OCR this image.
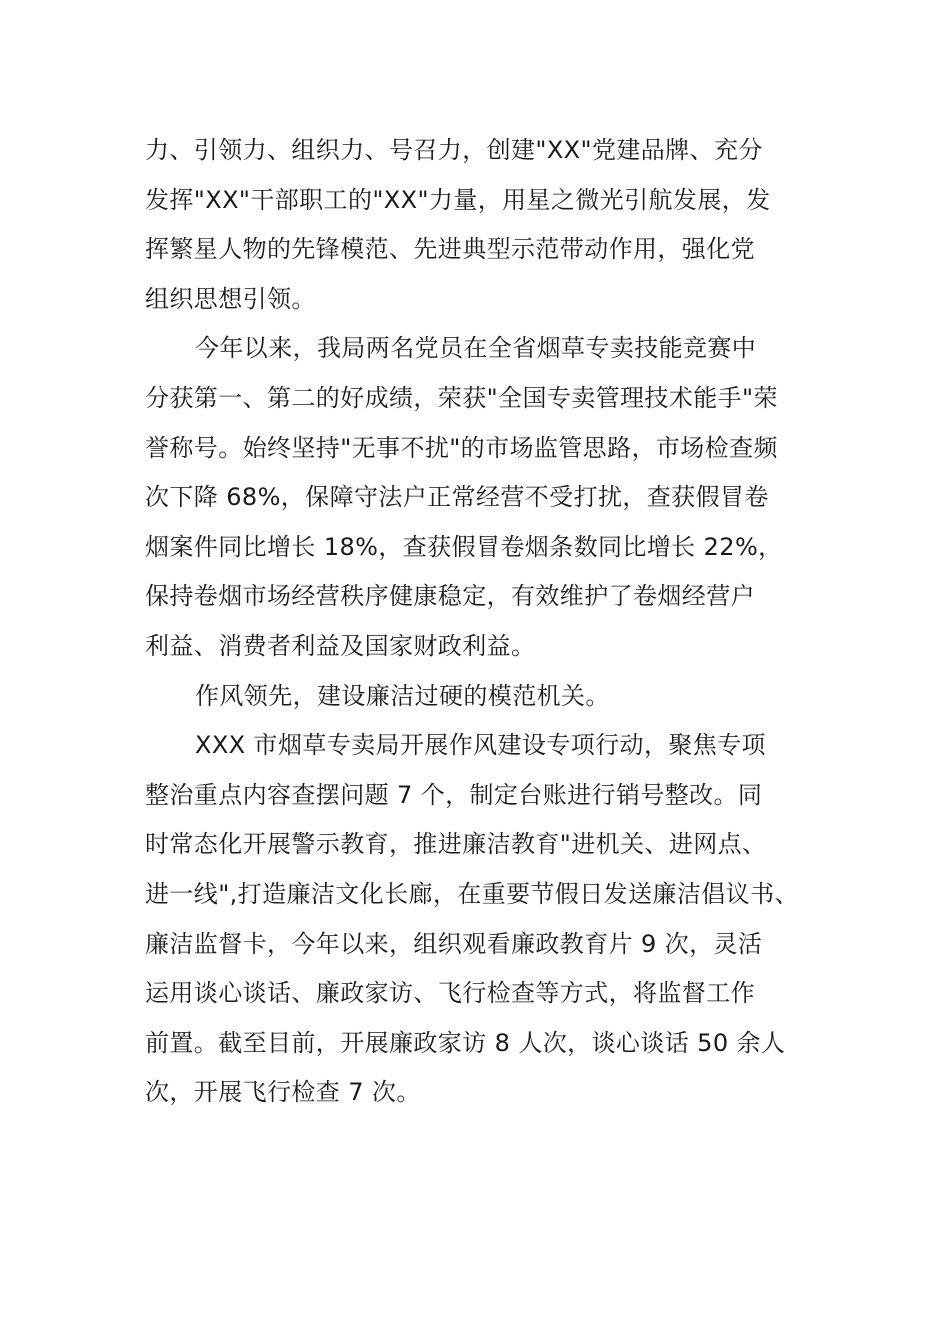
力、引领力、组织力、号召力，创建"XX"党建品牌、充分
发挥"XX"干部职工的"XX"力量，用星之微光引航发展，发
挥繁星人物的先锋模范、先进典型示范带动作用，强化党
组织思想引领。
今年以来，我局两名党员在全省烟草专卖技能竞赛中
分获第一、第二的好成绩，荣获"全国专卖管理技术能手"荣
誉称号。始终坚持"无事不扰"的市场监管思路，市场检查频
次下降 68%，保障守法户正常经营不受打扰，查获假冒卷
烟案件同比增长 18%，查获假冒卷烟条数同比增长 22%，
保持卷烟市场经营秩序健康稳定，有效维护了卷烟经营户
利益、消费者利益及国家财政利益。
作风领先，建设廉洁过硬的模范机关。
XXX 市烟草专卖局开展作风建设专项行动，聚焦专项
整治重点内容查摆问题 7 个，制定台账进行销号整改。同
时常态化开展警示教育，推进廉洁教育"进机关、进网点、
进一线",打造廉洁文化长廊，在重要节假日发送廉洁倡议书、
廉洁监督卡，今年以来，组织观看廉政教育片 9 次，灵活
运用谈心谈话、廉政家访、飞行检查等方式，将监督工作
前置。截至目前，开展廉政家访 8 人次，谈心谈话 50 余人
次，开展飞行检查 7 次。
